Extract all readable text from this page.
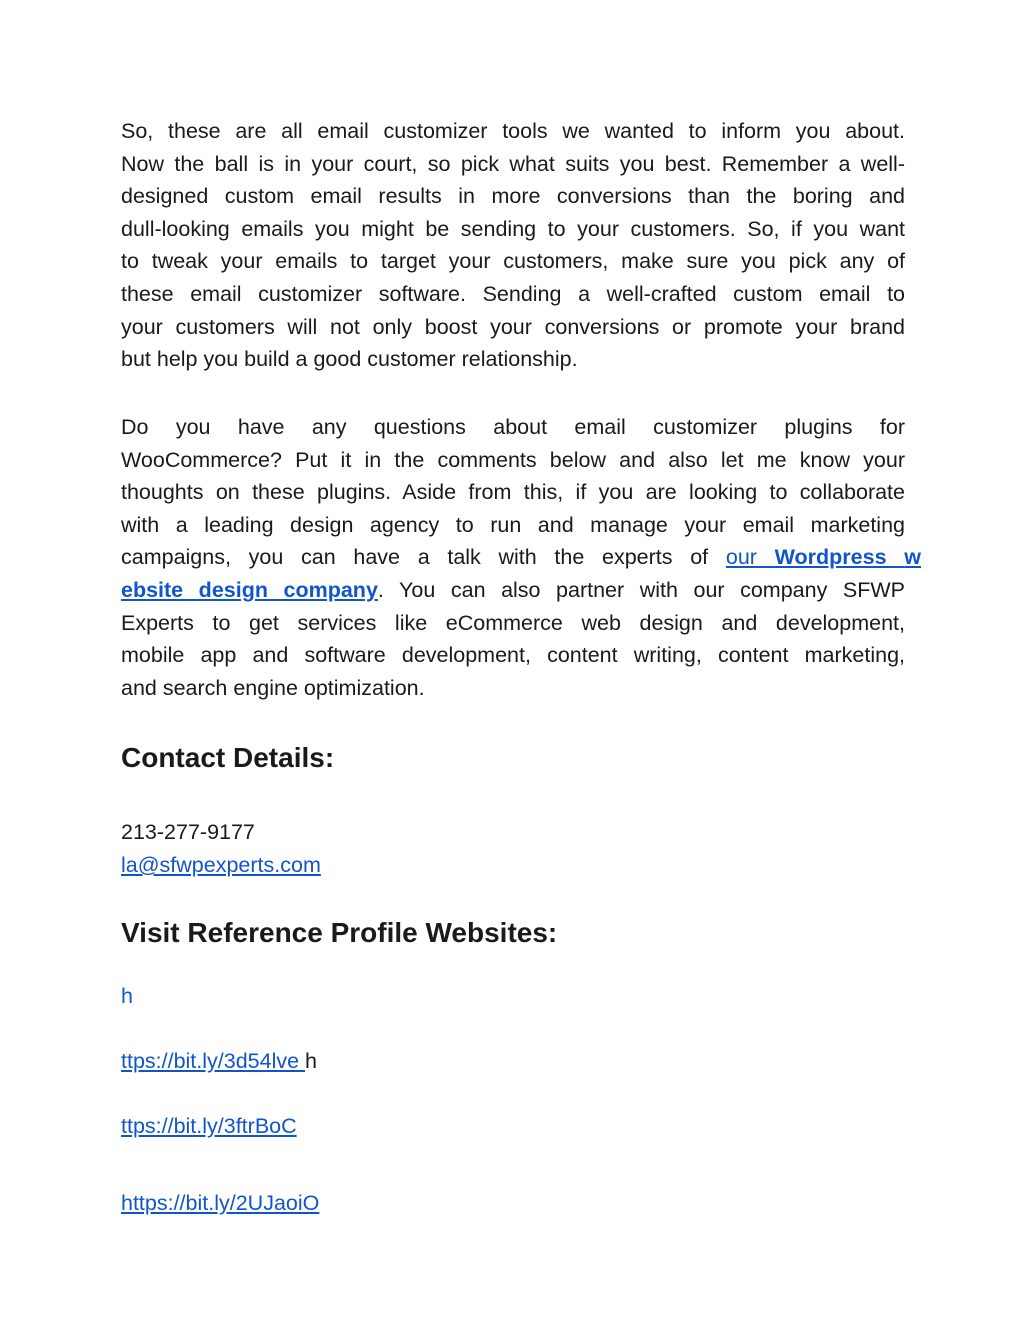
So, these are all email customizer tools we wanted to inform you about.
Now the ball is in your court, so pick what suits you best. Remember a well-
designed custom email results in more conversions than the boring and
dull-looking emails you might be sending to your customers. So, if you want
to tweak your emails to target your customers, make sure you pick any of
these email customizer software. Sending a well-crafted custom email to
your customers will not only boost your conversions or promote your brand
but help you build a good customer relationship.
Do you have any questions about email customizer plugins for
WooCommerce? Put it in the comments below and also let me know your
thoughts on these plugins. Aside from this, if you are looking to collaborate
with a leading design agency to run and manage your email marketing
campaigns, you can have a talk with the experts of our Wordpress w
ebsite design company. You can also partner with our company SFWP
Experts to get services like eCommerce web design and development,
mobile app and software development, content writing, content marketing,
and search engine optimization.
Contact Details:
213-277-9177
la@sfwpexperts.com
Visit Reference Profile Websites:
h
ttps://bit.ly/3d54lve h
ttps://bit.ly/3ftrBoC
https://bit.ly/2UJaoiO
